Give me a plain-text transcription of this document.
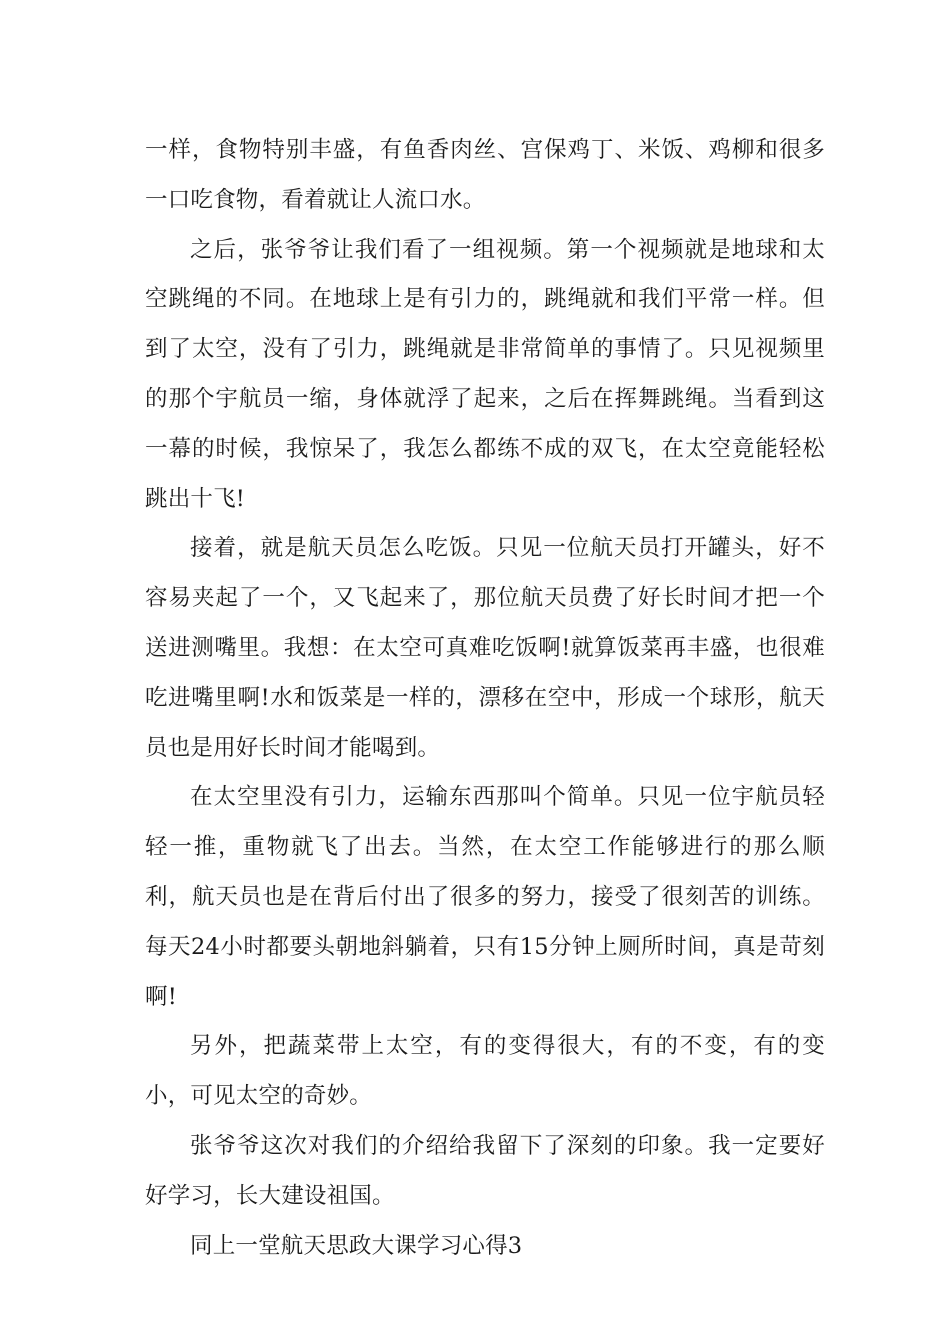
一样，食物特别丰盛，有鱼香肉丝、宫保鸡丁、米饭、鸡柳和很多一口吃食物，看着就让人流口水。

之后，张爷爷让我们看了一组视频。第一个视频就是地球和太空跳绳的不同。在地球上是有引力的，跳绳就和我们平常一样。但到了太空，没有了引力，跳绳就是非常简单的事情了。只见视频里的那个宇航员一缩，身体就浮了起来，之后在挥舞跳绳。当看到这一幕的时候，我惊呆了，我怎么都练不成的双飞，在太空竟能轻松跳出十飞!

接着，就是航天员怎么吃饭。只见一位航天员打开罐头，好不容易夹起了一个，又飞起来了，那位航天员费了好长时间才把一个送进测嘴里。我想：在太空可真难吃饭啊!就算饭菜再丰盛，也很难吃进嘴里啊!水和饭菜是一样的，漂移在空中，形成一个球形，航天员也是用好长时间才能喝到。

在太空里没有引力，运输东西那叫个简单。只见一位宇航员轻轻一推，重物就飞了出去。当然，在太空工作能够进行的那么顺利，航天员也是在背后付出了很多的努力，接受了很刻苦的训练。每天24小时都要头朝地斜躺着，只有15分钟上厕所时间，真是苛刻啊!

另外，把蔬菜带上太空，有的变得很大，有的不变，有的变小，可见太空的奇妙。

张爷爷这次对我们的介绍给我留下了深刻的印象。我一定要好好学习，长大建设祖国。

同上一堂航天思政大课学习心得3
